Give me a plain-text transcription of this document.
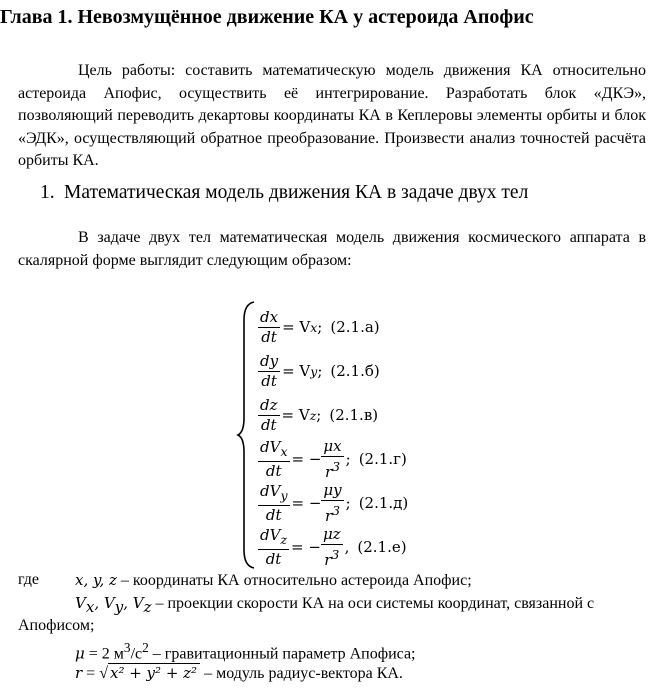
Глава 1. Невозмущённое движение КА у астероида Апофис

Цель работы: составить математическую модель движения КА относительно астероида Апофис, осуществить её интегрирование. Разработать блок «ДКЭ», позволяющий переводить декартовы координаты КА в Кеплеровы элементы орбиты и блок «ЭДК», осуществляющий обратное преобразование. Произвести анализ точностей расчёта орбиты КА.

1. Математическая модель движения КА в задаче двух тел

В задаче двух тел математическая модель движения космического аппарата в скалярной форме выглядит следующим образом:

$\frac{dx}{dt} = V$ x ; (2.1.а)
$\frac{dy}{dt} = V$ y ; (2.1.б)
$\frac{dz}{dt} = V$ z ; (2.1.в)
$\frac{dV_x}{dt}$ = − $\frac{\mu x}{r^3}$ ; (2.1.г)
$\frac{dV_y}{dt}$ = − $\frac{\mu y}{r^3}$ ; (2.1.д)
$\frac{dV_z}{dt}$ = − $\frac{\mu z}{r^3}$ , (2.1.е)
где x, y, z – координаты КА относительно астероида Апофис;
$V_x$, $V_y$, $V_z$ – проекции скорости КА на оси системы координат, связанной с
Апофисом;
μ = 2 $м^3/с^2$ – гравитационный параметр Апофиса;
r = √ x² + y² + z² – модуль радиус-вектора КА.
